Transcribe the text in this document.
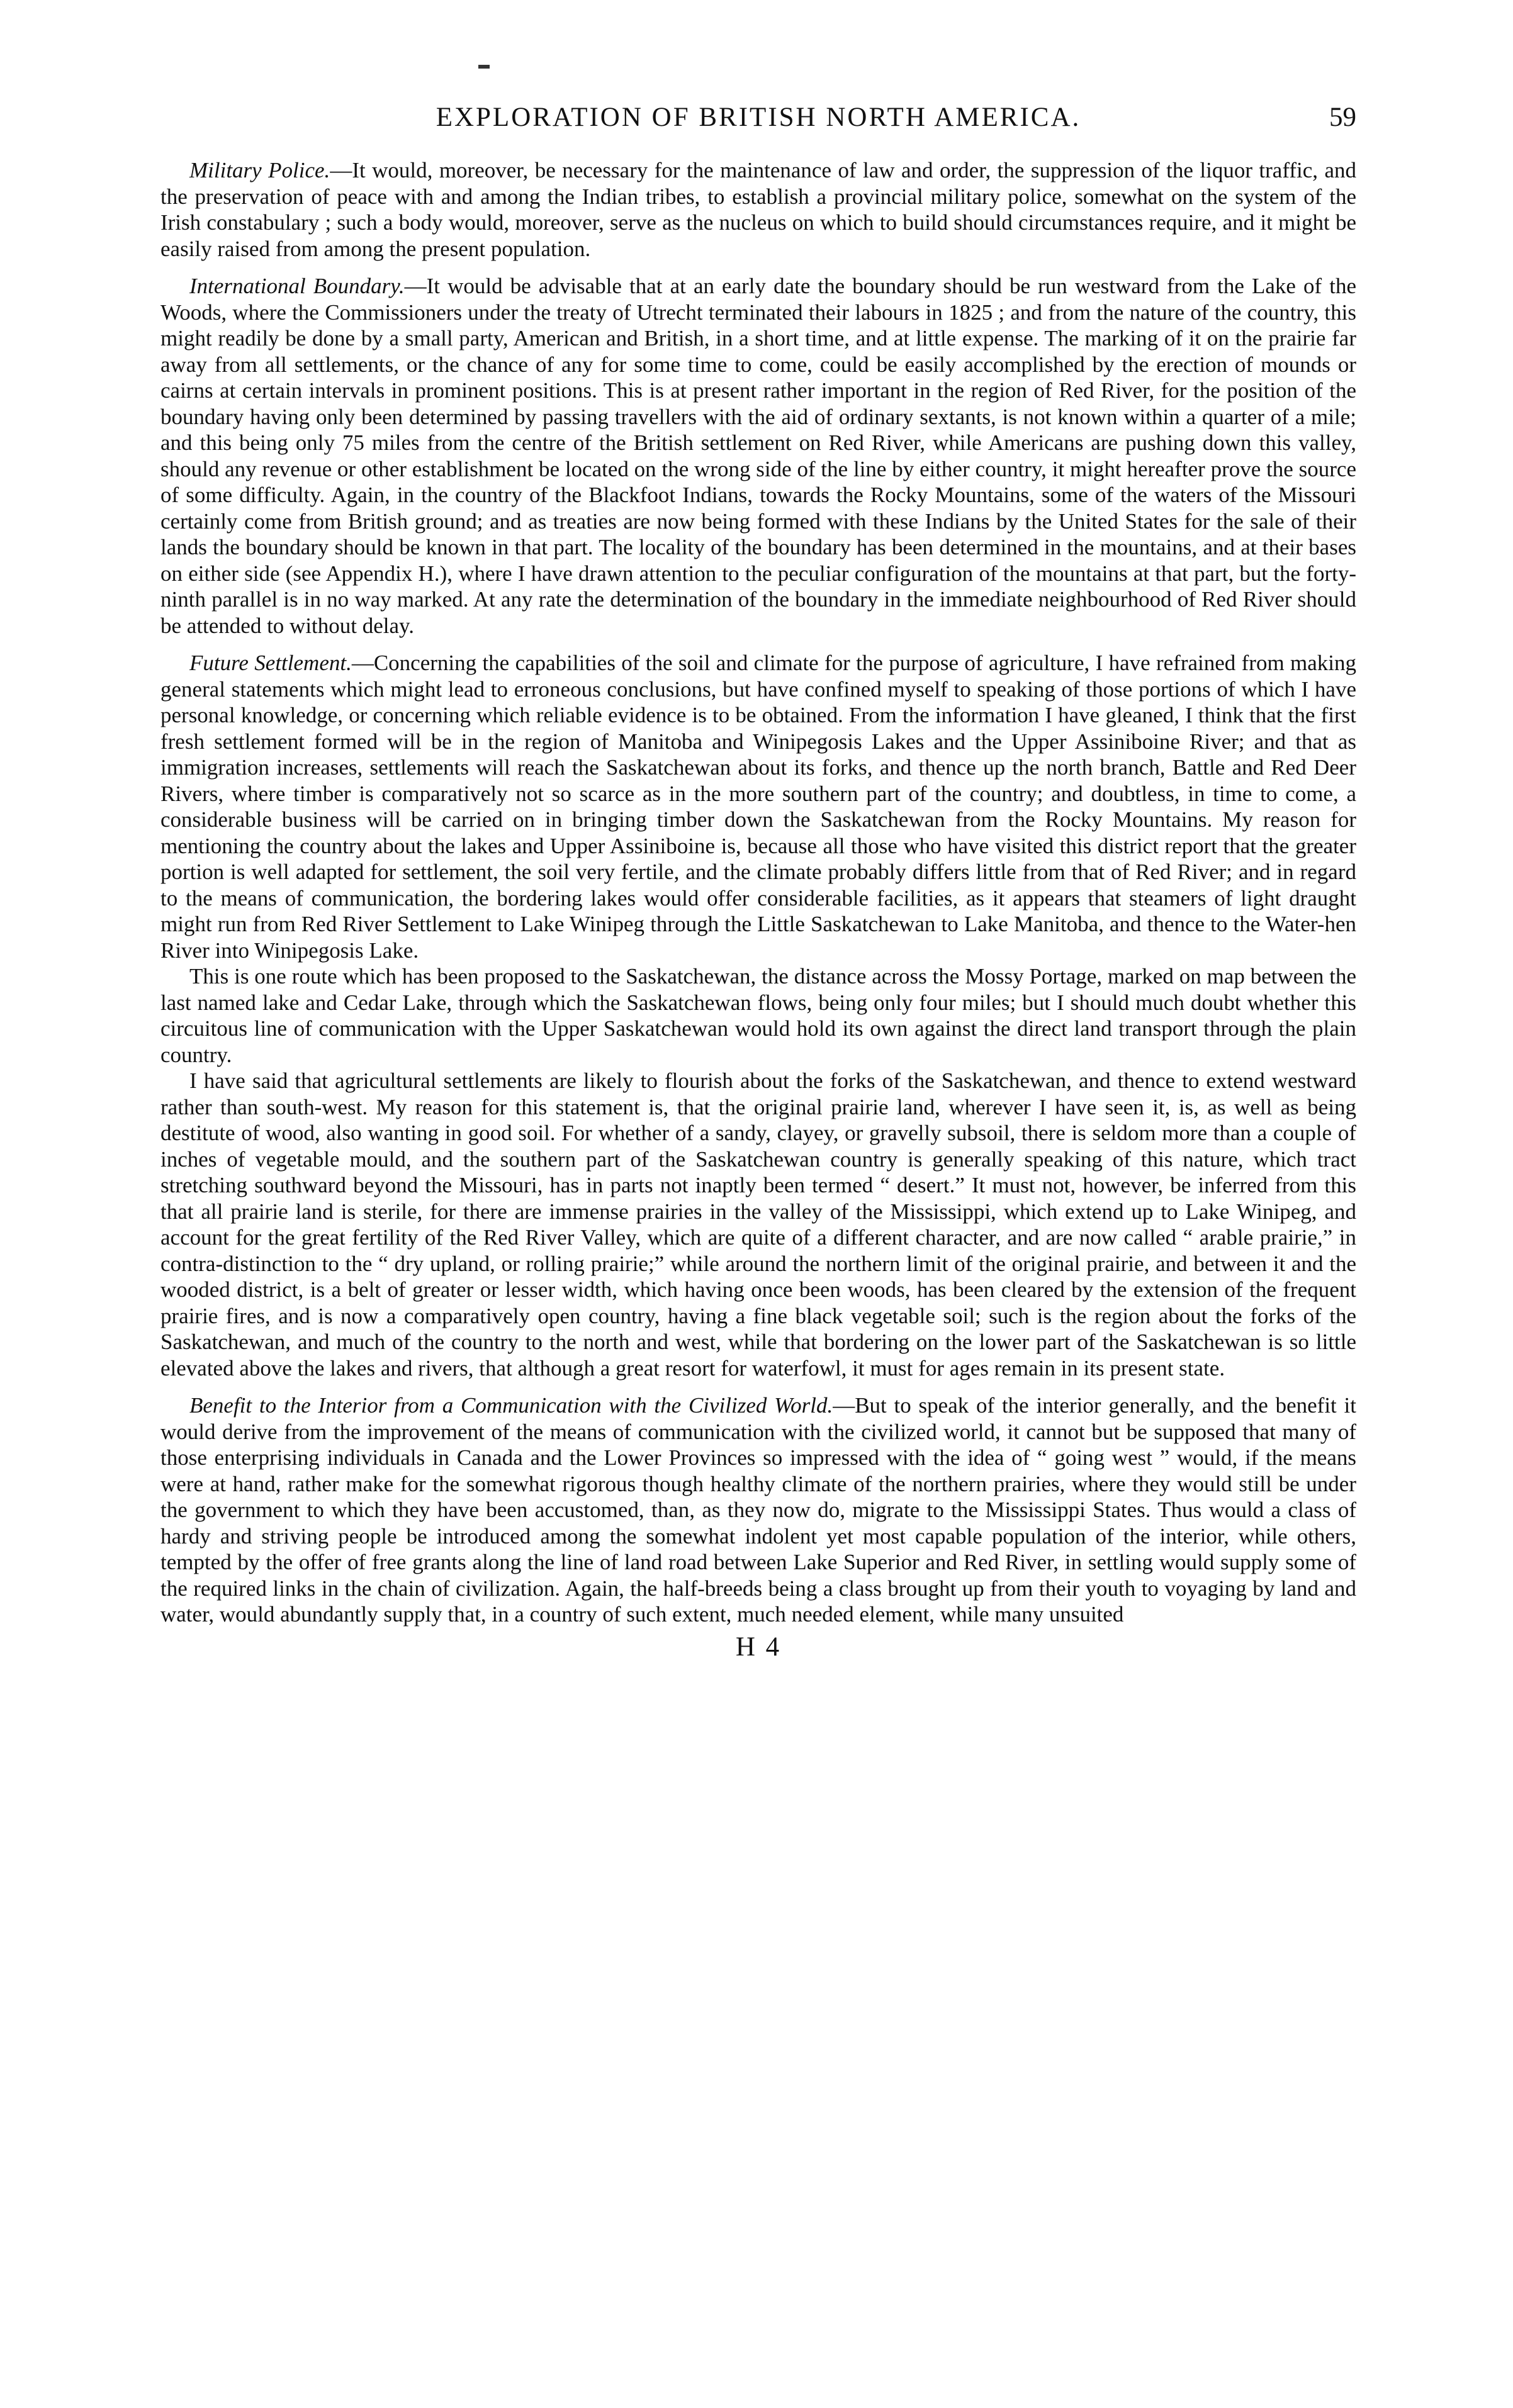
EXPLORATION OF BRITISH NORTH AMERICA.	59

Military Police.—It would, moreover, be necessary for the maintenance of law and order, the suppression of the liquor traffic, and the preservation of peace with and among the Indian tribes, to establish a provincial military police, somewhat on the system of the Irish constabulary ; such a body would, moreover, serve as the nucleus on which to build should circumstances require, and it might be easily raised from among the present population.

International Boundary.—It would be advisable that at an early date the boundary should be run westward from the Lake of the Woods, where the Commissioners under the treaty of Utrecht terminated their labours in 1825 ; and from the nature of the country, this might readily be done by a small party, American and British, in a short time, and at little expense. The marking of it on the prairie far away from all settlements, or the chance of any for some time to come, could be easily accomplished by the erection of mounds or cairns at certain intervals in prominent positions. This is at present rather important in the region of Red River, for the position of the boundary having only been determined by passing travellers with the aid of ordinary sextants, is not known within a quarter of a mile; and this being only 75 miles from the centre of the British settlement on Red River, while Americans are pushing down this valley, should any revenue or other establishment be located on the wrong side of the line by either country, it might hereafter prove the source of some difficulty. Again, in the country of the Blackfoot Indians, towards the Rocky Mountains, some of the waters of the Missouri certainly come from British ground; and as treaties are now being formed with these Indians by the United States for the sale of their lands the boundary should be known in that part. The locality of the boundary has been determined in the mountains, and at their bases on either side (see Appendix H.), where I have drawn attention to the peculiar configuration of the mountains at that part, but the forty-ninth parallel is in no way marked. At any rate the determination of the boundary in the immediate neighbourhood of Red River should be attended to without delay.

Future Settlement.—Concerning the capabilities of the soil and climate for the purpose of agriculture, I have refrained from making general statements which might lead to erroneous conclusions, but have confined myself to speaking of those portions of which I have personal knowledge, or concerning which reliable evidence is to be obtained. From the information I have gleaned, I think that the first fresh settlement formed will be in the region of Manitoba and Winipegosis Lakes and the Upper Assiniboine River; and that as immigration increases, settlements will reach the Saskatchewan about its forks, and thence up the north branch, Battle and Red Deer Rivers, where timber is comparatively not so scarce as in the more southern part of the country; and doubtless, in time to come, a considerable business will be carried on in bringing timber down the Saskatchewan from the Rocky Mountains. My reason for mentioning the country about the lakes and Upper Assiniboine is, because all those who have visited this district report that the greater portion is well adapted for settlement, the soil very fertile, and the climate probably differs little from that of Red River; and in regard to the means of communication, the bordering lakes would offer considerable facilities, as it appears that steamers of light draught might run from Red River Settlement to Lake Winipeg through the Little Saskatchewan to Lake Manitoba, and thence to the Water-hen River into Winipegosis Lake.

This is one route which has been proposed to the Saskatchewan, the distance across the Mossy Portage, marked on map between the last named lake and Cedar Lake, through which the Saskatchewan flows, being only four miles; but I should much doubt whether this circuitous line of communication with the Upper Saskatchewan would hold its own against the direct land transport through the plain country.

I have said that agricultural settlements are likely to flourish about the forks of the Saskatchewan, and thence to extend westward rather than south-west. My reason for this statement is, that the original prairie land, wherever I have seen it, is, as well as being destitute of wood, also wanting in good soil. For whether of a sandy, clayey, or gravelly subsoil, there is seldom more than a couple of inches of vegetable mould, and the southern part of the Saskatchewan country is generally speaking of this nature, which tract stretching southward beyond the Missouri, has in parts not inaptly been termed “ desert.” It must not, however, be inferred from this that all prairie land is sterile, for there are immense prairies in the valley of the Mississippi, which extend up to Lake Winipeg, and account for the great fertility of the Red River Valley, which are quite of a different character, and are now called “ arable prairie,” in contra-distinction to the “ dry upland, or rolling prairie;” while around the northern limit of the original prairie, and between it and the wooded district, is a belt of greater or lesser width, which having once been woods, has been cleared by the extension of the frequent prairie fires, and is now a comparatively open country, having a fine black vegetable soil; such is the region about the forks of the Saskatchewan, and much of the country to the north and west, while that bordering on the lower part of the Saskatchewan is so little elevated above the lakes and rivers, that although a great resort for waterfowl, it must for ages remain in its present state.

Benefit to the Interior from a Communication with the Civilized World.—But to speak of the interior generally, and the benefit it would derive from the improvement of the means of communication with the civilized world, it cannot but be supposed that many of those enterprising individuals in Canada and the Lower Provinces so impressed with the idea of “ going west ” would, if the means were at hand, rather make for the somewhat rigorous though healthy climate of the northern prairies, where they would still be under the government to which they have been accustomed, than, as they now do, migrate to the Mississippi States. Thus would a class of hardy and striving people be introduced among the somewhat indolent yet most capable population of the interior, while others, tempted by the offer of free grants along the line of land road between Lake Superior and Red River, in settling would supply some of the required links in the chain of civilization. Again, the half-breeds being a class brought up from their youth to voyaging by land and water, would abundantly supply that, in a country of such extent, much needed element, while many unsuited

H 4
